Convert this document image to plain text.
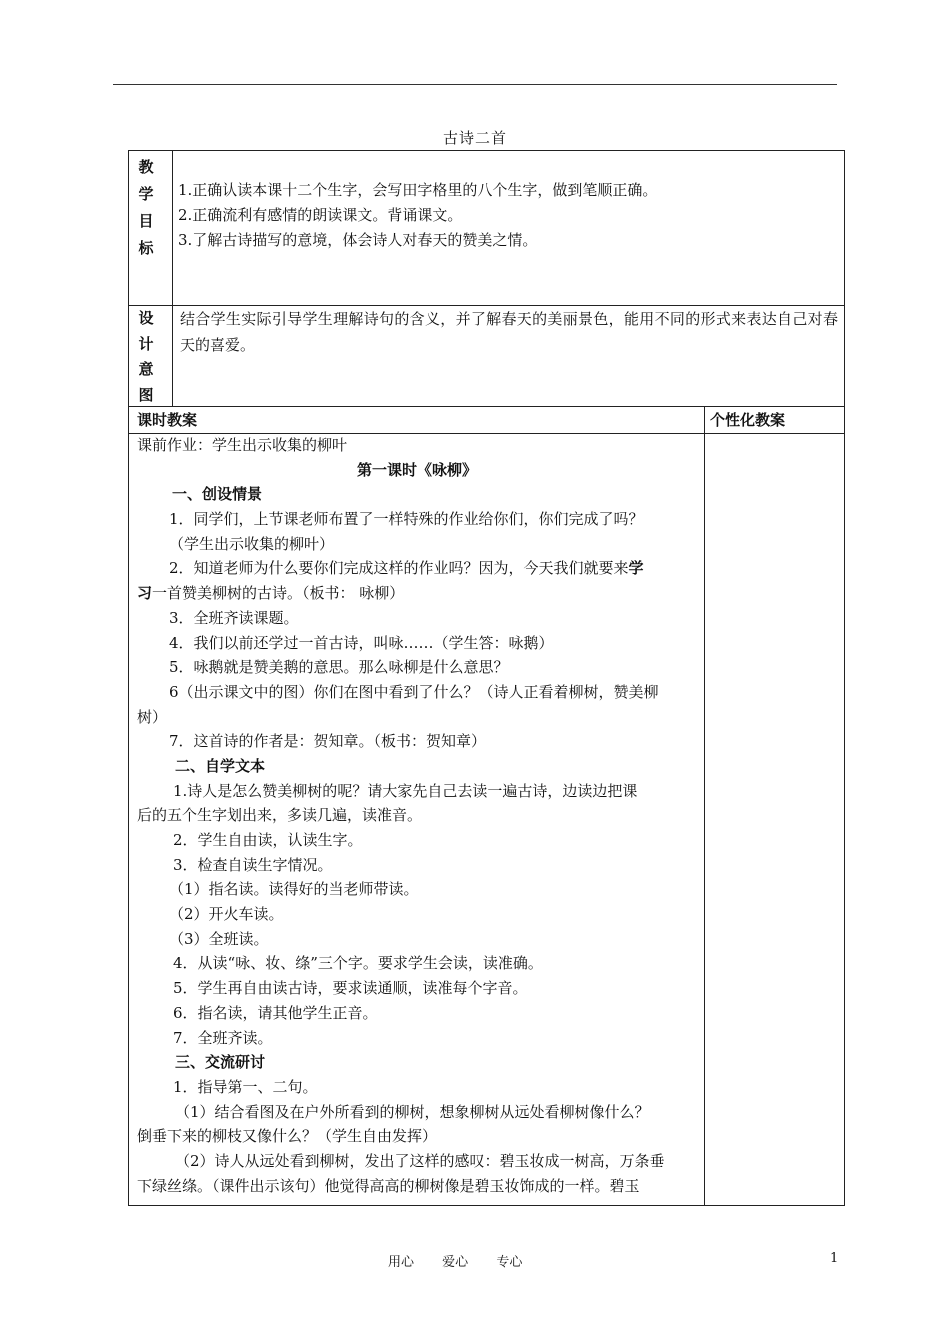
古诗二首
教
学
目
标
1.正确认读本课十二个生字，会写田字格里的八个生字，做到笔顺正确。
2.正确流利有感情的朗读课文。背诵课文。
3.了解古诗描写的意境，体会诗人对春天的赞美之情。
设
计
意
图
结合学生实际引导学生理解诗句的含义，并了解春天的美丽景色，能用不同的形式来表达自己对春天的喜爱。
课时教案	个性化教案
课前作业：学生出示收集的柳叶
第一课时《咏柳》
一、创设情景
1．同学们，上节课老师布置了一样特殊的作业给你们，你们完成了吗？
（学生出示收集的柳叶）
2．知道老师为什么要你们完成这样的作业吗？因为，今天我们就要来学
习一首赞美柳树的古诗。（板书： 咏柳）
3．全班齐读课题。
4．我们以前还学过一首古诗，叫咏……（学生答：咏鹅）
5．咏鹅就是赞美鹅的意思。那么咏柳是什么意思？
6（出示课文中的图）你们在图中看到了什么？（诗人正看着柳树，赞美柳
树）
7．这首诗的作者是：贺知章。（板书：贺知章）
二、自学文本
1.诗人是怎么赞美柳树的呢？请大家先自己去读一遍古诗，边读边把课
后的五个生字划出来，多读几遍，读准音。
2．学生自由读，认读生字。
3．检查自读生字情况。
（1）指名读。读得好的当老师带读。
（2）开火车读。
（3）全班读。
4．从读“咏、妆、绦”三个字。要求学生会读，读准确。
5．学生再自由读古诗，要求读通顺，读准每个字音。
6．指名读，请其他学生正音。
7．全班齐读。
三、交流研讨
1．指导第一、二句。
（1）结合看图及在户外所看到的柳树，想象柳树从远处看柳树像什么？
倒垂下来的柳枝又像什么？（学生自由发挥）
（2）诗人从远处看到柳树，发出了这样的感叹：碧玉妆成一树高，万条垂
下绿丝绦。（课件出示该句）他觉得高高的柳树像是碧玉妆饰成的一样。碧玉
用心 爱心 专心	1
